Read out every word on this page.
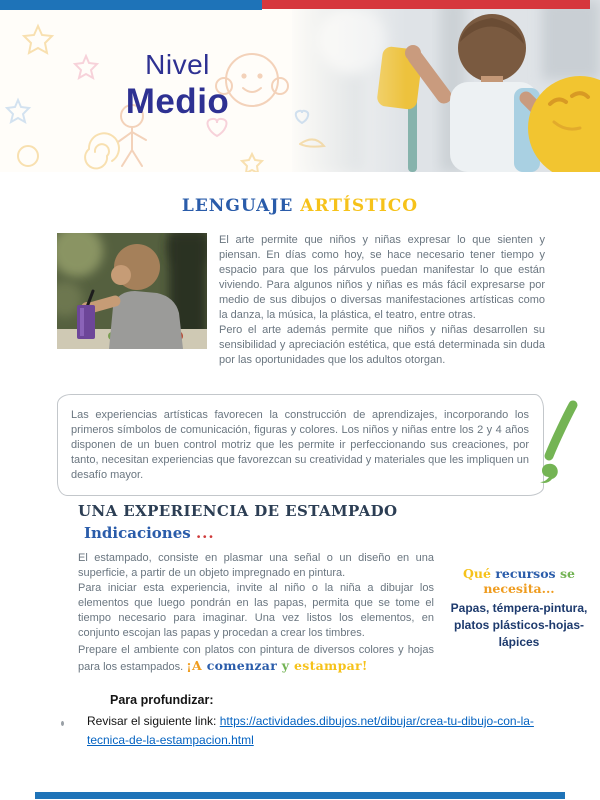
Nivel
Medio
LENGUAJE ARTÍSTICO

El arte permite que niños y niñas expresar lo que sienten y piensan. En días como hoy, se hace necesario tener tiempo y espacio para que los párvulos puedan manifestar lo que están viviendo. Para algunos niños y niñas es más fácil expresarse por medio de sus dibujos o diversas manifestaciones artísticas como la danza, la música, la plástica, el teatro, entre otras.

Pero el arte además permite que niños y niñas desarrollen su sensibilidad y apreciación estética, que está determinada sin duda por las oportunidades que los adultos otorgan.

Las experiencias artísticas favorecen la construcción de aprendizajes, incorporando los primeros símbolos de comunicación, figuras y colores. Los niños y niñas entre los 2 y 4 años disponen de un buen control motriz que les permite ir perfeccionando sus creaciones, por tanto, necesitan experiencias que favorezcan su creatividad y materiales que les impliquen un desafío mayor.
UNA EXPERIENCIA DE ESTAMPADO
Indicaciones ...

El estampado, consiste en plasmar una señal o un diseño en una superficie, a partir de un objeto impregnado en pintura.

Para iniciar esta experiencia, invite al niño o la niña a dibujar los elementos que luego pondrán en las papas, permita que se tome el tiempo necesario para imaginar. Una vez listos los elementos, en conjunto escojan las papas y procedan a crear los timbres.

Prepare el ambiente con platos con pintura de diversos colores y hojas para los estampados. ¡A comenzar y estampar!

Qué recursos se necesita...
Papas, témpera-pintura, platos plásticos-hojas-lápices
Para profundizar:
Revisar el siguiente link: https://actividades.dibujos.net/dibujar/crea-tu-dibujo-con-la-tecnica-de-la-estampacion.html
